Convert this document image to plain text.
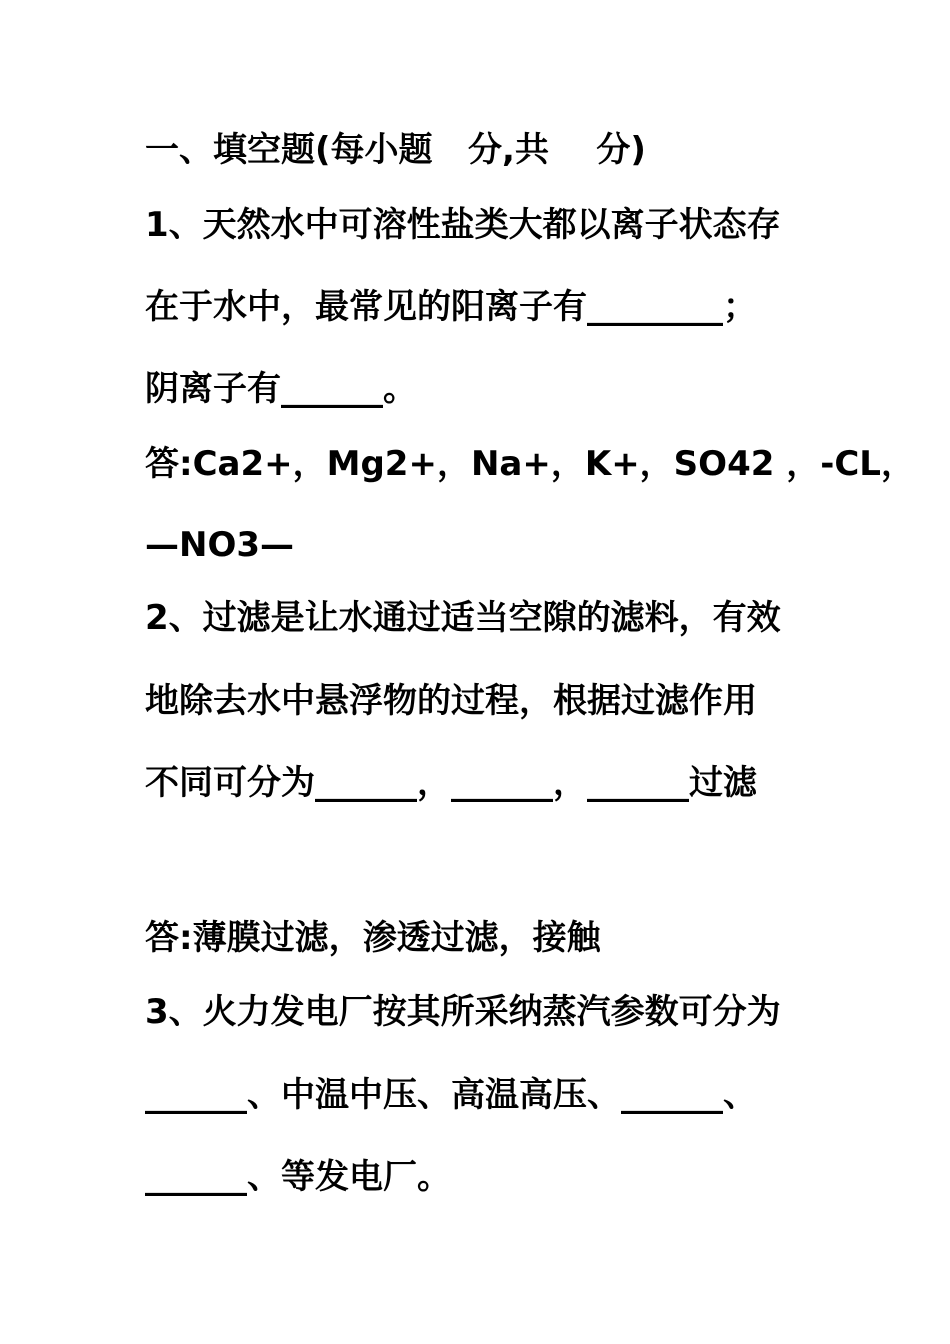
一、填空题(每小题   分,共    分)
1、天然水中可溶性盐类大都以离子状态存
在于水中，最常见的阳离子有________；
阴离子有______。
答:Ca2+，Mg2+，Na+，K+，SO42 ，-CL，
—NO3—
2、过滤是让水通过适当空隙的滤料，有效
地除去水中悬浮物的过程，根据过滤作用
不同可分为______，______，______过滤
答:薄膜过滤，渗透过滤，接触
3、火力发电厂按其所采纳蒸汽参数可分为
______、中温中压、高温高压、______、
______、等发电厂。
